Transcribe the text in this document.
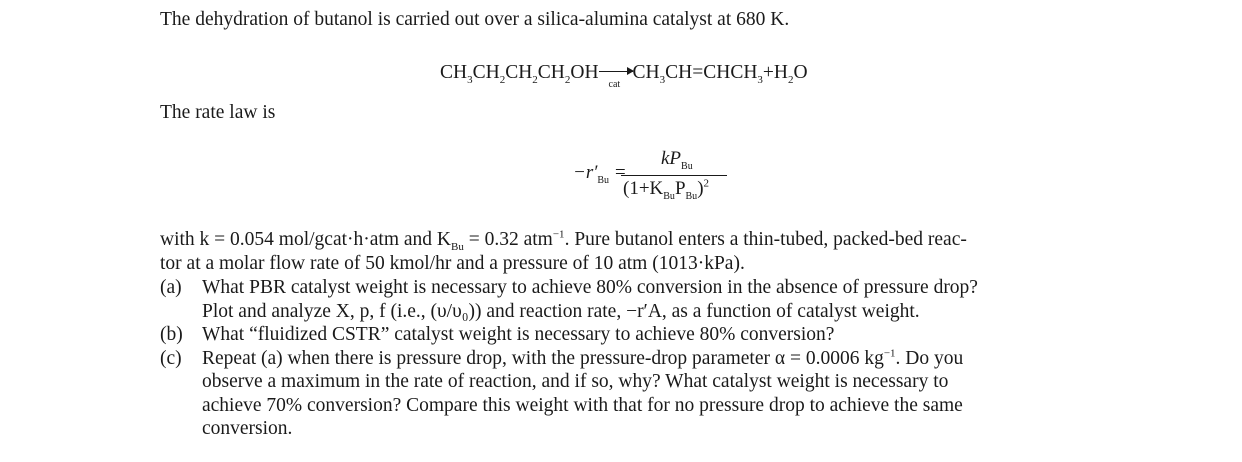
The dehydration of butanol is carried out over a silica-alumina catalyst at 680 K.
$CH_3CH_2CH_2CH_2OH$
cat
$CH_3CH=CHCH_3+H_2O$
The rate law is
$-r'_{Bu}$ =
$kP_{Bu}$
$(1+K_{Bu}P_{Bu})^2$
with k = 0.054 mol/gcat·h·atm and $K_{Bu} = 0.32$ atm$^{-1}$. Pure butanol enters a thin-tubed, packed-bed reac-
tor at a molar flow rate of 50 kmol/hr and a pressure of 10 atm (1013·kPa).
(a) What PBR catalyst weight is necessary to achieve 80% conversion in the absence of pressure drop?
Plot and analyze X, p, f (i.e., (υ/υ₀)) and reaction rate, −r′A, as a function of catalyst weight.
(b) What “fluidized CSTR” catalyst weight is necessary to achieve 80% conversion?
(c) Repeat (a) when there is pressure drop, with the pressure-drop parameter α = 0.0006 $kg^{-1}$. Do you
observe a maximum in the rate of reaction, and if so, why? What catalyst weight is necessary to
achieve 70% conversion? Compare this weight with that for no pressure drop to achieve the same
conversion.
